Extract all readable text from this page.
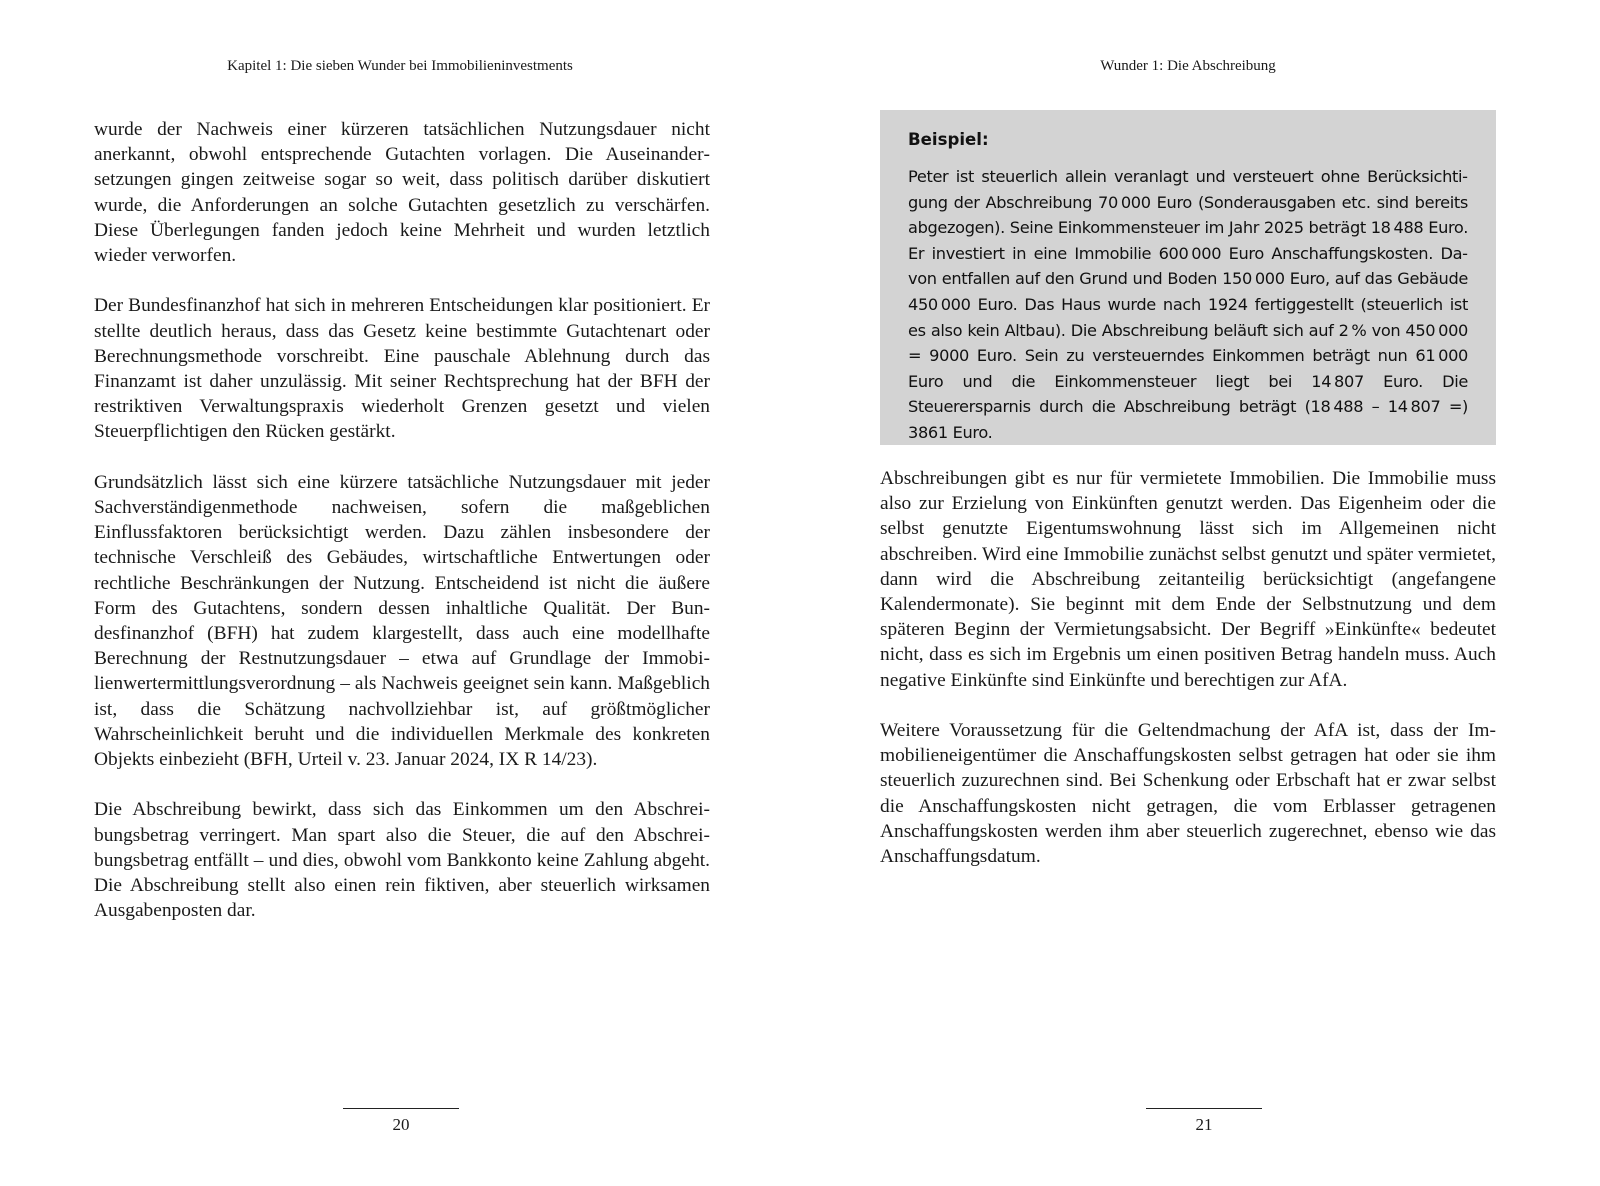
Kapitel 1: Die sieben Wunder bei Immobilieninvestments

wurde der Nachweis einer kürzeren tatsächlichen Nutzungsdauer nicht anerkannt, obwohl entsprechende Gutachten vorlagen. Die Auseinandersetzungen gingen zeitweise sogar so weit, dass politisch darüber diskutiert wurde, die Anforderungen an solche Gutachten gesetzlich zu verschärfen. Diese Überlegungen fanden jedoch keine Mehrheit und wurden letztlich wieder verworfen.

Der Bundesfinanzhof hat sich in mehreren Entscheidungen klar positioniert. Er stellte deutlich heraus, dass das Gesetz keine bestimmte Gutachtenart oder Berechnungsmethode vorschreibt. Eine pauschale Ablehnung durch das Finanzamt ist daher unzulässig. Mit seiner Rechtsprechung hat der BFH der restriktiven Verwaltungspraxis wiederholt Grenzen gesetzt und vielen Steuerpflichtigen den Rücken gestärkt.

Grundsätzlich lässt sich eine kürzere tatsächliche Nutzungsdauer mit jeder Sachverständigenmethode nachweisen, sofern die maßgeblichen Einflussfaktoren berücksichtigt werden. Dazu zählen insbesondere der technische Verschleiß des Gebäudes, wirtschaftliche Entwertungen oder rechtliche Beschränkungen der Nutzung. Entscheidend ist nicht die äußere Form des Gutachtens, sondern dessen inhaltliche Qualität. Der Bundesfinanzhof (BFH) hat zudem klargestellt, dass auch eine modellhafte Berechnung der Restnutzungsdauer – etwa auf Grundlage der Immobilienwertermittlungsverordnung – als Nachweis geeignet sein kann. Maßgeblich ist, dass die Schätzung nachvollziehbar ist, auf größtmöglicher Wahrscheinlichkeit beruht und die individuellen Merkmale des konkreten Objekts einbezieht (BFH, Urteil v. 23. Januar 2024, IX R 14/23).

Die Abschreibung bewirkt, dass sich das Einkommen um den Abschreibungsbetrag verringert. Man spart also die Steuer, die auf den Abschreibungsbetrag entfällt – und dies, obwohl vom Bankkonto keine Zahlung abgeht. Die Abschreibung stellt also einen rein fiktiven, aber steuerlich wirksamen Ausgabenposten dar.

20
Wunder 1: Die Abschreibung
Beispiel:

Peter ist steuerlich allein veranlagt und versteuert ohne Berücksichtigung der Abschreibung 70 000 Euro (Sonderausgaben etc. sind bereits abgezogen). Seine Einkommensteuer im Jahr 2025 beträgt 18 488 Euro. Er investiert in eine Immobilie 600 000 Euro Anschaffungskosten. Davon entfallen auf den Grund und Boden 150 000 Euro, auf das Gebäude 450 000 Euro. Das Haus wurde nach 1924 fertiggestellt (steuerlich ist es also kein Altbau). Die Abschreibung beläuft sich auf 2 % von 450 000 = 9000 Euro. Sein zu versteuerndes Einkommen beträgt nun 61 000 Euro und die Einkommensteuer liegt bei 14 807 Euro. Die Steuerersparnis durch die Abschreibung beträgt (18 488 – 14 807 =) 3861 Euro.

Abschreibungen gibt es nur für vermietete Immobilien. Die Immobilie muss also zur Erzielung von Einkünften genutzt werden. Das Eigenheim oder die selbst genutzte Eigentumswohnung lässt sich im Allgemeinen nicht abschreiben. Wird eine Immobilie zunächst selbst genutzt und später vermietet, dann wird die Abschreibung zeitanteilig berücksichtigt (angefangene Kalendermonate). Sie beginnt mit dem Ende der Selbstnutzung und dem späteren Beginn der Vermietungsabsicht. Der Begriff »Einkünfte« bedeutet nicht, dass es sich im Ergebnis um einen positiven Betrag handeln muss. Auch negative Einkünfte sind Einkünfte und berechtigen zur AfA.

Weitere Voraussetzung für die Geltendmachung der AfA ist, dass der Immobilieneigentümer die Anschaffungskosten selbst getragen hat oder sie ihm steuerlich zuzurechnen sind. Bei Schenkung oder Erbschaft hat er zwar selbst die Anschaffungskosten nicht getragen, die vom Erblasser getragenen Anschaffungskosten werden ihm aber steuerlich zugerechnet, ebenso wie das Anschaffungsdatum.

21
